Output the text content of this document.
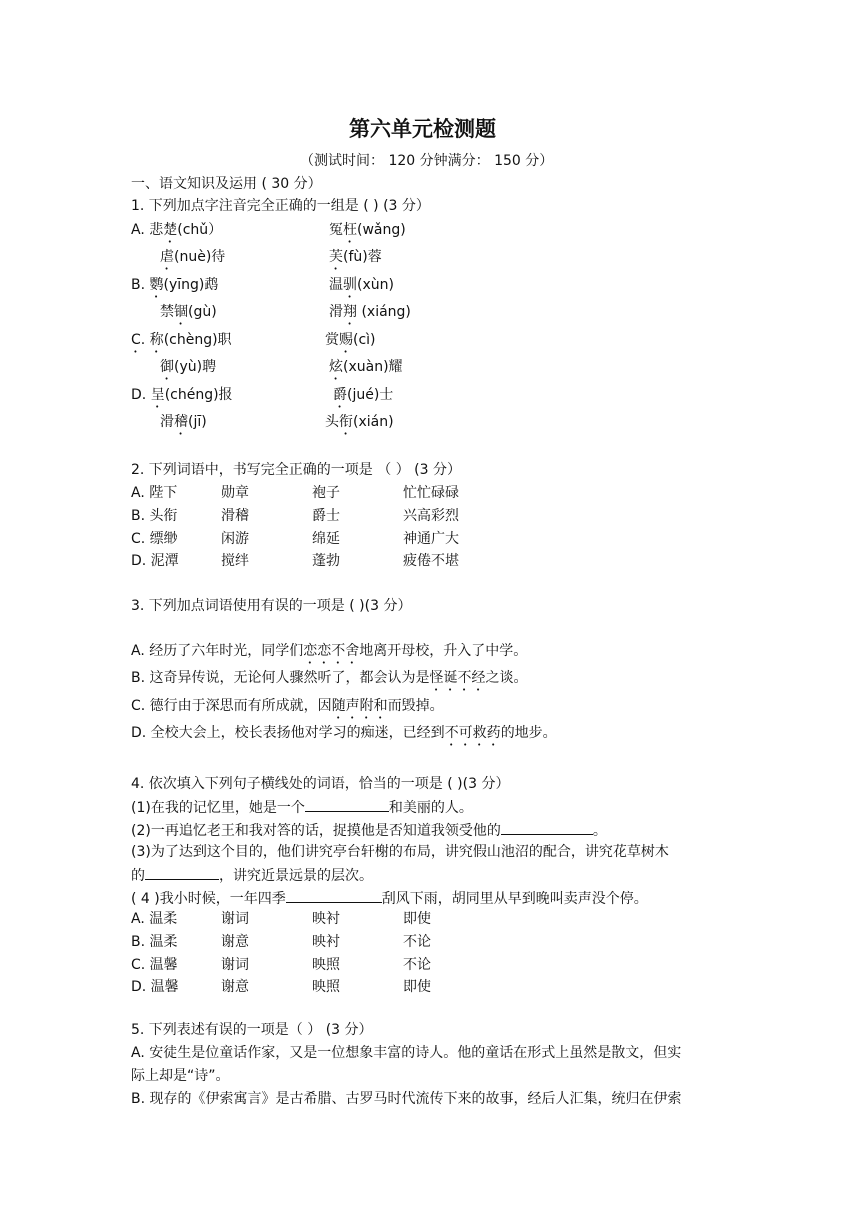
第六单元检测题
（测试时间： 120 分钟满分： 150 分）
一、语文知识及运用 ( 30 分）
1. 下列加点字注音完全正确的一组是 ( ) (3 分）
A. 悲楚(chǔ）	冤枉(wǎng)
虐(nuè)待	芙(fù)蓉
B. 鹦(yīng)鹉	温驯(xùn)
禁锢(gù)	滑翔 (xiáng)
C. 称(chèng)职	赏赐(cì)
御(yù)聘	炫(xuàn)耀
D. 呈(chéng)报	爵(jué)士
滑稽(jī)	头衔(xián)
2. 下列词语中，书写完全正确的一项是 （ ） (3 分）
A. 陛下	勋章	袍子	忙忙碌碌
B. 头衔	滑稽	爵士	兴高彩烈
C. 缥缈	闲游	绵延	神通广大
D. 泥潭	搅绊	蓬勃	疲倦不堪
3. 下列加点词语使用有误的一项是 ( )(3 分）
A. 经历了六年时光，同学们恋恋不舍地离开母校，升入了中学。
B. 这奇异传说，无论何人骤然听了，都会认为是怪诞不经之谈。
C. 德行由于深思而有所成就，因随声附和而毁掉。
D. 全校大会上，校长表扬他对学习的痴迷，已经到不可救药的地步。
4. 依次填入下列句子横线处的词语，恰当的一项是 ( )(3 分）
(1)在我的记忆里，她是一个	和美丽的人。
(2)一再追忆老王和我对答的话，捉摸他是否知道我领受他的	。
(3)为了达到这个目的，他们讲究亭台轩榭的布局，讲究假山池沼的配合，讲究花草树木
的	，讲究近景远景的层次。
( 4 )我小时候，一年四季	刮风下雨，胡同里从早到晚叫卖声没个停。
A. 温柔	谢词	映衬	即使
B. 温柔	谢意	映衬	不论
C. 温馨	谢词	映照	不论
D. 温馨	谢意	映照	即使
5. 下列表述有误的一项是（ ） (3 分）
A. 安徒生是位童话作家，又是一位想象丰富的诗人。他的童话在形式上虽然是散文，但实
际上却是“诗”。
B. 现存的《伊索寓言》是古希腊、古罗马时代流传下来的故事，经后人汇集，统归在伊索
